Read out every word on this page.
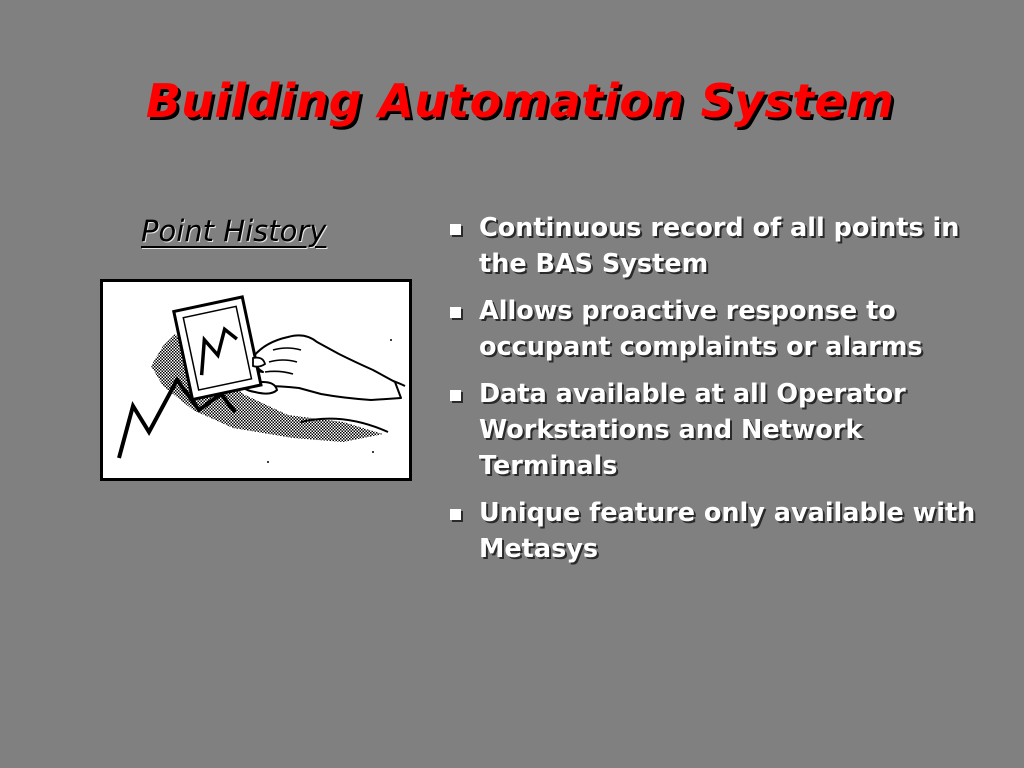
Building Automation System
Point History	Continuous record of all points in the BAS System
Allows proactive response to occupant complaints or alarms
Data available at all Operator Workstations and Network Terminals
Unique feature only available with Metasys
